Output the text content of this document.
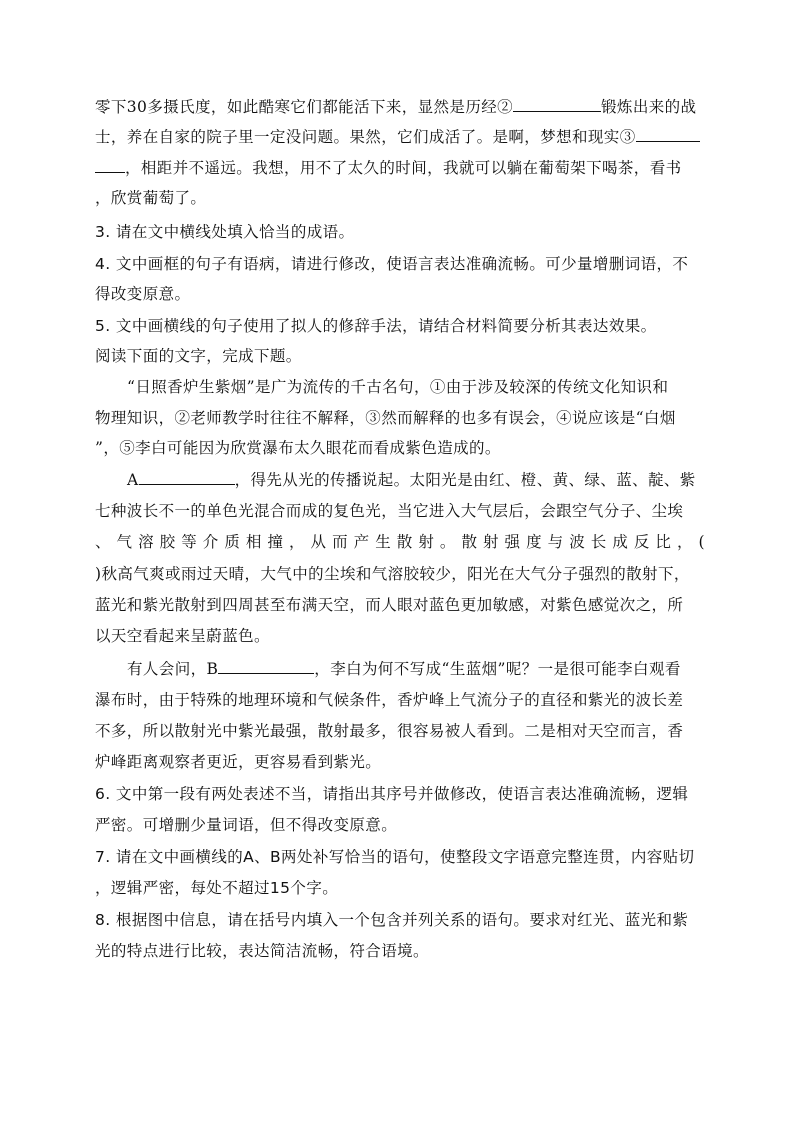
零下30多摄氏度，如此酷寒它们都能活下来，显然是历经②	锻炼出来的战
士，养在自家的院子里一定没问题。果然，它们成活了。是啊，梦想和现实③
，相距并不遥远。我想，用不了太久的时间，我就可以躺在葡萄架下喝茶，看书
，欣赏葡萄了。
3. 请在文中横线处填入恰当的成语。
4. 文中画框的句子有语病，请进行修改，使语言表达准确流畅。可少量增删词语，不
得改变原意。
5. 文中画横线的句子使用了拟人的修辞手法，请结合材料简要分析其表达效果。
阅读下面的文字，完成下题。
“日照香炉生紫烟”是广为流传的千古名句，①由于涉及较深的传统文化知识和
物理知识，②老师教学时往往不解释，③然而解释的也多有误会，④说应该是“白烟
”，⑤李白可能因为欣赏瀑布太久眼花而看成紫色造成的。
A	，得先从光的传播说起。太阳光是由红、橙、黄、绿、蓝、靛、紫
七种波长不一的单色光混合而成的复色光，当它进入大气层后，会跟空气分子、尘埃
、气溶胶等介质相撞，从而产生散射。散射强度与波长成反比，(
)秋高气爽或雨过天晴，大气中的尘埃和气溶胶较少，阳光在大气分子强烈的散射下，
蓝光和紫光散射到四周甚至布满天空，而人眼对蓝色更加敏感，对紫色感觉次之，所
以天空看起来呈蔚蓝色。
有人会问，B	，李白为何不写成“生蓝烟”呢？一是很可能李白观看
瀑布时，由于特殊的地理环境和气候条件，香炉峰上气流分子的直径和紫光的波长差
不多，所以散射光中紫光最强，散射最多，很容易被人看到。二是相对天空而言，香
炉峰距离观察者更近，更容易看到紫光。
6. 文中第一段有两处表述不当，请指出其序号并做修改，使语言表达准确流畅，逻辑
严密。可增删少量词语，但不得改变原意。
7. 请在文中画横线的A、B两处补写恰当的语句，使整段文字语意完整连贯，内容贴切
，逻辑严密，每处不超过15个字。
8. 根据图中信息，请在括号内填入一个包含并列关系的语句。要求对红光、蓝光和紫
光的特点进行比较，表达简洁流畅，符合语境。
